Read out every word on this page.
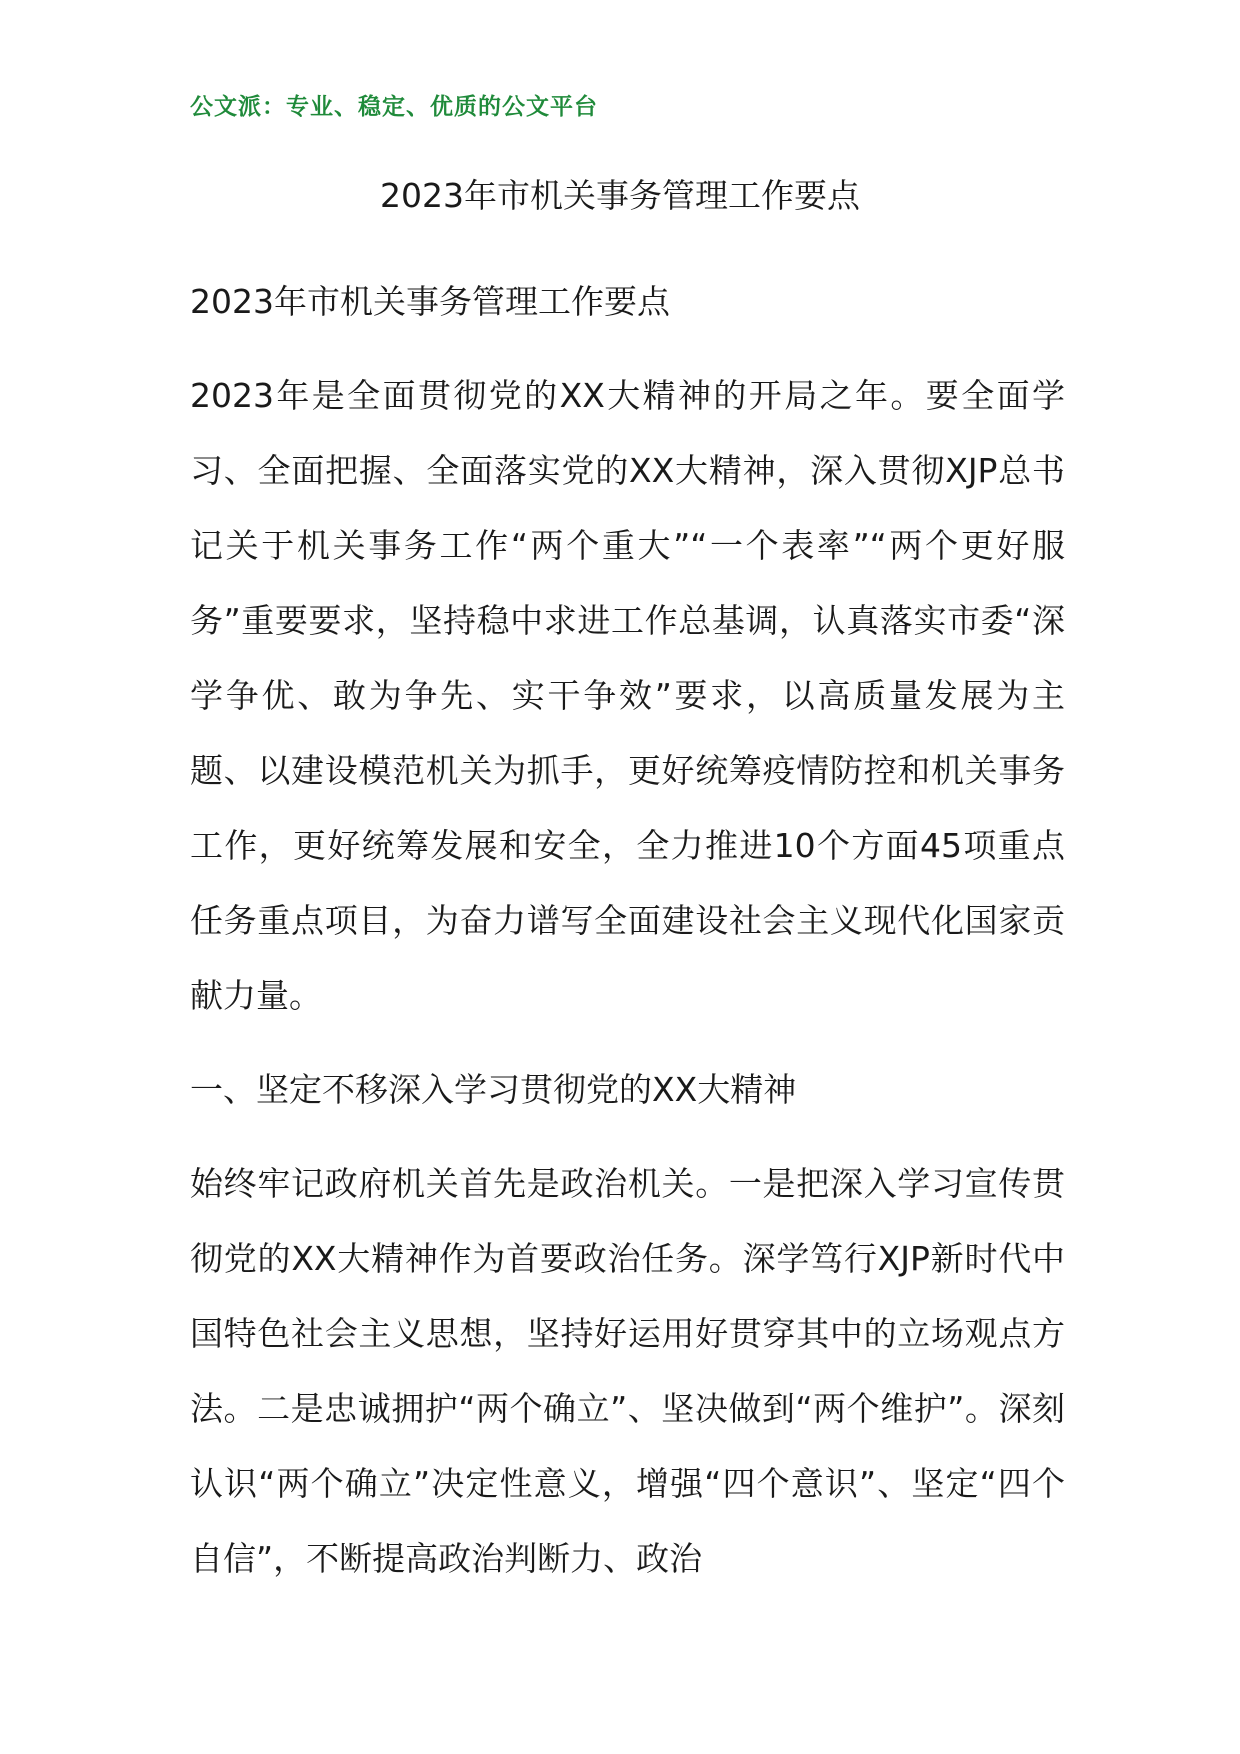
公文派：专业、稳定、优质的公文平台
2023年市机关事务管理工作要点

2023年市机关事务管理工作要点

2023年是全面贯彻党的XX大精神的开局之年。要全面学习、全面把握、全面落实党的XX大精神，深入贯彻XJP总书记关于机关事务工作“两个重大”“一个表率”“两个更好服务”重要要求，坚持稳中求进工作总基调，认真落实市委“深学争优、敢为争先、实干争效”要求，以高质量发展为主题、以建设模范机关为抓手，更好统筹疫情防控和机关事务工作，更好统筹发展和安全，全力推进10个方面45项重点任务重点项目，为奋力谱写全面建设社会主义现代化国家贡献力量。

一、坚定不移深入学习贯彻党的XX大精神

始终牢记政府机关首先是政治机关。一是把深入学习宣传贯彻党的XX大精神作为首要政治任务。深学笃行XJP新时代中国特色社会主义思想，坚持好运用好贯穿其中的立场观点方法。二是忠诚拥护“两个确立”、坚决做到“两个维护”。深刻认识“两个确立”决定性意义，增强“四个意识”、坚定“四个自信”，不断提高政治判断力、政治
